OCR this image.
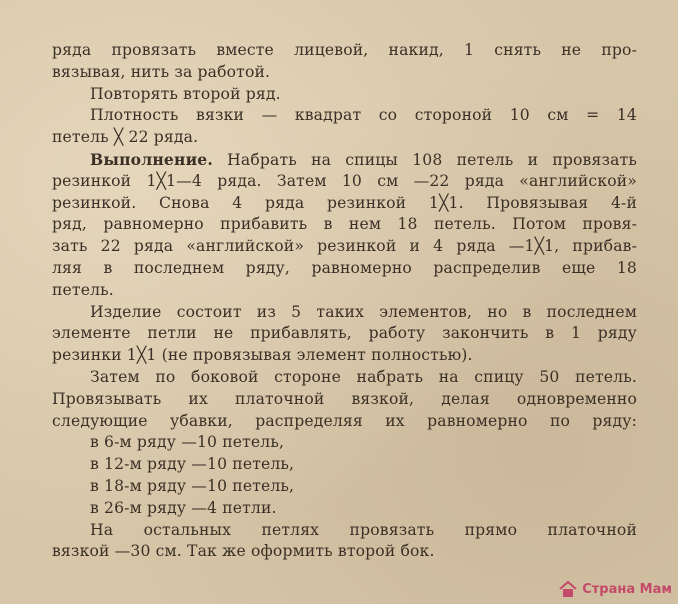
ряда провязать вместе лицевой, накид, 1 снять не про-
вязывая, нить за работой.
Повторять второй ряд.
Плотность вязки — квадрат со стороной 10 см = 14
петель ╳ 22 ряда.
Выполнение. Набрать на спицы 108 петель и провязать
резинкой 1╳1—4 ряда. Затем 10 см —22 ряда «английской»
резинкой. Снова 4 ряда резинкой 1╳1. Провязывая 4-й
ряд, равномерно прибавить в нем 18 петель. Потом провя-
зать 22 ряда «английской» резинкой и 4 ряда —1╳1, прибав-
ляя в последнем ряду, равномерно распределив еще 18
петель.
Изделие состоит из 5 таких элементов, но в последнем
элементе петли не прибавлять, работу закончить в 1 ряду
резинки 1╳1 (не провязывая элемент полностью).
Затем по боковой стороне набрать на спицу 50 петель.
Провязывать их платочной вязкой, делая одновременно
следующие убавки, распределяя их равномерно по ряду:
в 6-м ряду —10 петель,
в 12-м ряду —10 петель,
в 18-м ряду —10 петель,
в 26-м ряду —4 петли.
На остальных петлях провязать прямо платочной
вязкой —30 см. Так же оформить второй бок.
Страна Мам
